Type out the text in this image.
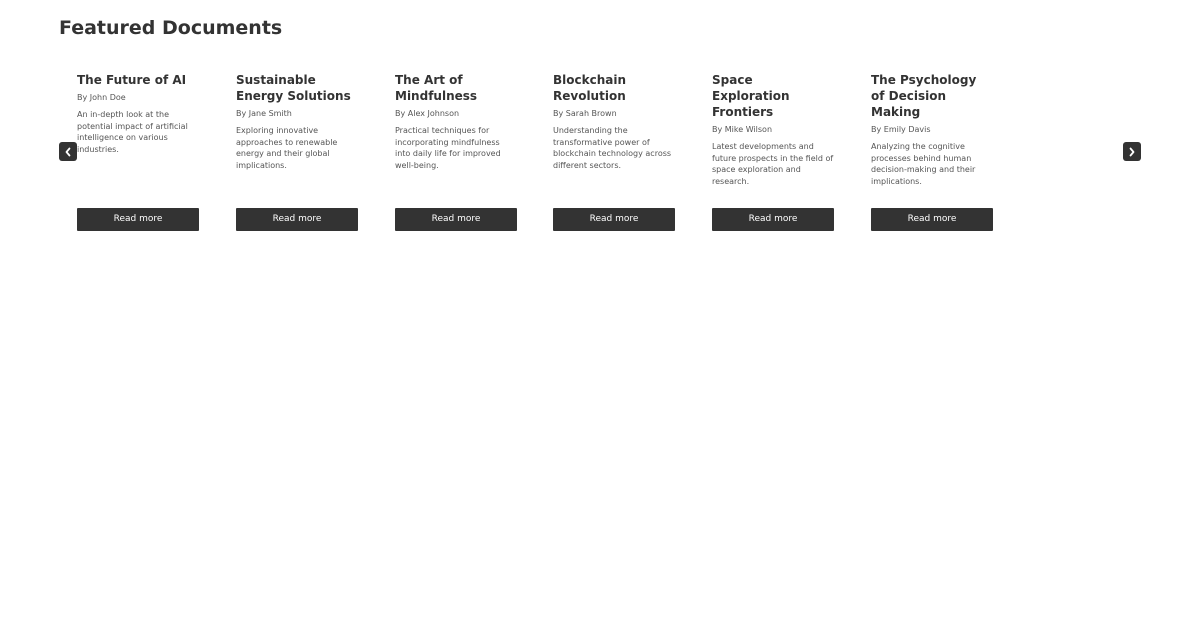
Featured Documents
The Future of AI

By John Doe

An in-depth look at the potential impact of artificial intelligence on various industries.

Read more
Sustainable Energy Solutions

By Jane Smith

Exploring innovative approaches to renewable energy and their global implications.

Read more
The Art of Mindfulness

By Alex Johnson

Practical techniques for incorporating mindfulness into daily life for improved well-being.

Read more
Blockchain Revolution

By Sarah Brown

Understanding the transformative power of blockchain technology across different sectors.

Read more
Space Exploration Frontiers

By Mike Wilson

Latest developments and future prospects in the field of space exploration and research.

Read more
The Psychology of Decision Making

By Emily Davis

Analyzing the cognitive processes behind human decision-making and their implications.

Read more
